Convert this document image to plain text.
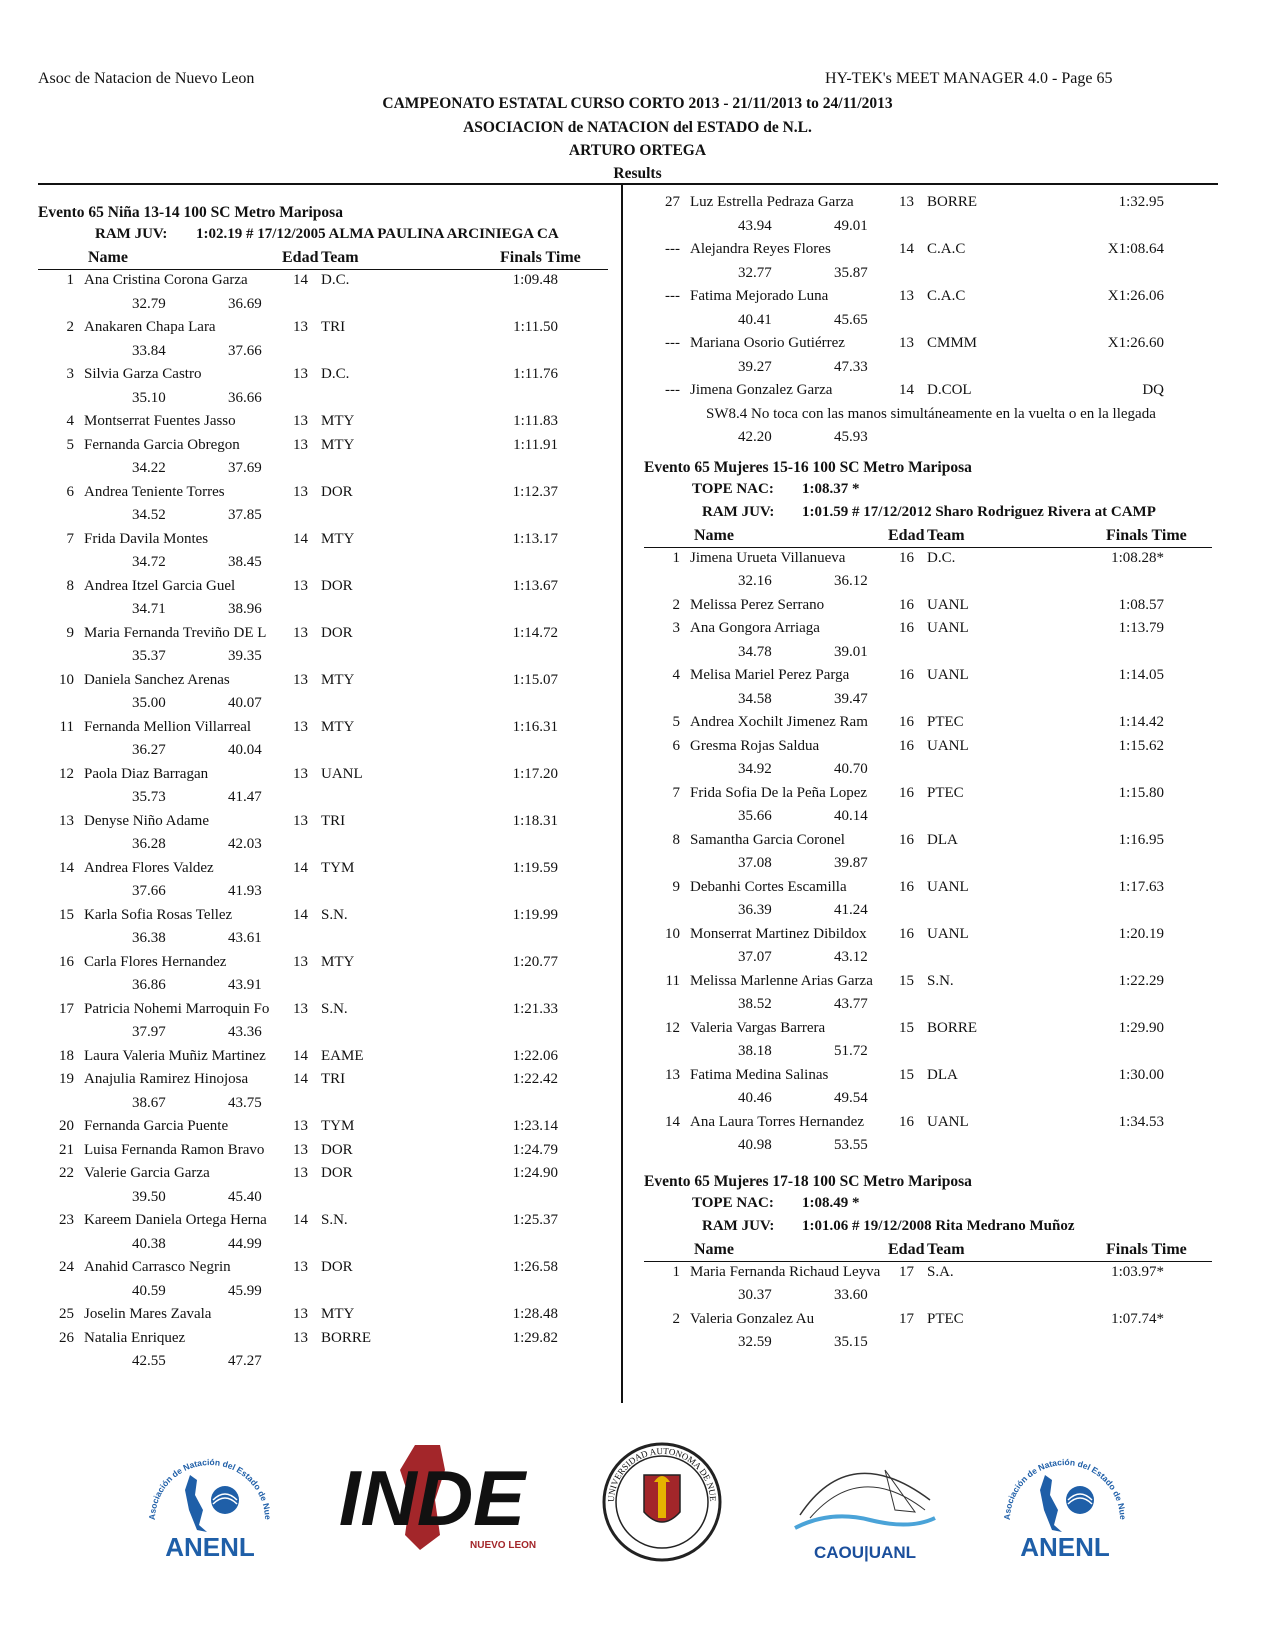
Asoc de Natacion de Nuevo Leon	HY-TEK's MEET MANAGER 4.0 - Page 65
CAMPEONATO ESTATAL CURSO CORTO 2013 - 21/11/2013 to 24/11/2013
ASOCIACION de NATACION del ESTADO de N.L.
ARTURO ORTEGA
Results
Evento 65 Niña 13-14 100 SC Metro Mariposa
RAM JUV: 1:02.19 # 17/12/2005 ALMA PAULINA ARCINIEGA CA
Name	Edad Team	Finals Time
1 Ana Cristina Corona Garza	14 D.C.	1:09.48
32.79	36.69
2 Anakaren Chapa Lara	13 TRI	1:11.50
33.84	37.66
3 Silvia Garza Castro	13 D.C.	1:11.76
35.10	36.66
4 Montserrat Fuentes Jasso	13 MTY	1:11.83
5 Fernanda Garcia Obregon	13 MTY	1:11.91
34.22	37.69
6 Andrea Teniente Torres	13 DOR	1:12.37
34.52	37.85
7 Frida Davila Montes	14 MTY	1:13.17
34.72	38.45
8 Andrea Itzel Garcia Guel	13 DOR	1:13.67
34.71	38.96
9 Maria Fernanda Treviño DE L	13 DOR	1:14.72
35.37	39.35
10 Daniela Sanchez Arenas	13 MTY	1:15.07
35.00	40.07
11 Fernanda Mellion Villarreal	13 MTY	1:16.31
36.27	40.04
12 Paola Diaz Barragan	13 UANL	1:17.20
35.73	41.47
13 Denyse Niño Adame	13 TRI	1:18.31
36.28	42.03
14 Andrea Flores Valdez	14 TYM	1:19.59
37.66	41.93
15 Karla Sofia Rosas Tellez	14 S.N.	1:19.99
36.38	43.61
16 Carla Flores Hernandez	13 MTY	1:20.77
36.86	43.91
17 Patricia Nohemi Marroquin Fo	13 S.N.	1:21.33
37.97	43.36
18 Laura Valeria Muñiz Martinez	14 EAME	1:22.06
19 Anajulia Ramirez Hinojosa	14 TRI	1:22.42
38.67	43.75
20 Fernanda Garcia Puente	13 TYM	1:23.14
21 Luisa Fernanda Ramon Bravo	13 DOR	1:24.79
22 Valerie Garcia Garza	13 DOR	1:24.90
39.50	45.40
23 Kareem Daniela Ortega Herna	14 S.N.	1:25.37
40.38	44.99
24 Anahid Carrasco Negrin	13 DOR	1:26.58
40.59	45.99
25 Joselin Mares Zavala	13 MTY	1:28.48
26 Natalia Enriquez	13 BORRE	1:29.82
42.55	47.27
27 Luz Estrella Pedraza Garza	13 BORRE	1:32.95
43.94	49.01
--- Alejandra Reyes Flores	14 C.A.C	X1:08.64
32.77	35.87
--- Fatima Mejorado Luna	13 C.A.C	X1:26.06
40.41	45.65
--- Mariana Osorio Gutiérrez	13 CMMM	X1:26.60
39.27	47.33
--- Jimena Gonzalez Garza	14 D.COL	DQ
SW8.4 No toca con las manos simultáneamente en la vuelta o en la llegada
42.20	45.93
Evento 65 Mujeres 15-16 100 SC Metro Mariposa
TOPE NAC: 1:08.37 *
RAM JUV: 1:01.59 # 17/12/2012 Sharo Rodriguez Rivera at CAMP
Name	Edad Team	Finals Time
1 Jimena Urueta Villanueva	16 D.C.	1:08.28*
32.16	36.12
2 Melissa Perez Serrano	16 UANL	1:08.57
3 Ana Gongora Arriaga	16 UANL	1:13.79
34.78	39.01
4 Melisa Mariel Perez Parga	16 UANL	1:14.05
34.58	39.47
5 Andrea Xochilt Jimenez Ram	16 PTEC	1:14.42
6 Gresma Rojas Saldua	16 UANL	1:15.62
34.92	40.70
7 Frida Sofia De la Peña Lopez	16 PTEC	1:15.80
35.66	40.14
8 Samantha Garcia Coronel	16 DLA	1:16.95
37.08	39.87
9 Debanhi Cortes Escamilla	16 UANL	1:17.63
36.39	41.24
10 Monserrat Martinez Dibildox	16 UANL	1:20.19
37.07	43.12
11 Melissa Marlenne Arias Garza	15 S.N.	1:22.29
38.52	43.77
12 Valeria Vargas Barrera	15 BORRE	1:29.90
38.18	51.72
13 Fatima Medina Salinas	15 DLA	1:30.00
40.46	49.54
14 Ana Laura Torres Hernandez	16 UANL	1:34.53
40.98	53.55
Evento 65 Mujeres 17-18 100 SC Metro Mariposa
TOPE NAC: 1:08.49 *
RAM JUV: 1:01.06 # 19/12/2008 Rita Medrano Muñoz
Name	Edad Team	Finals Time
1 Maria Fernanda Richaud Leyva 17 S.A.	1:03.97*
30.37	33.60
2 Valeria Gonzalez Au	17 PTEC	1:07.74*
32.59	35.15
Asociación de Natación del Estado de Nue
ANENL
INDE
NUEVO LEON
UNIVERSIDAD AUTONOMA DE NUE
CAOU|UANL
Asociación de Natación del Estado de Nue
ANENL
